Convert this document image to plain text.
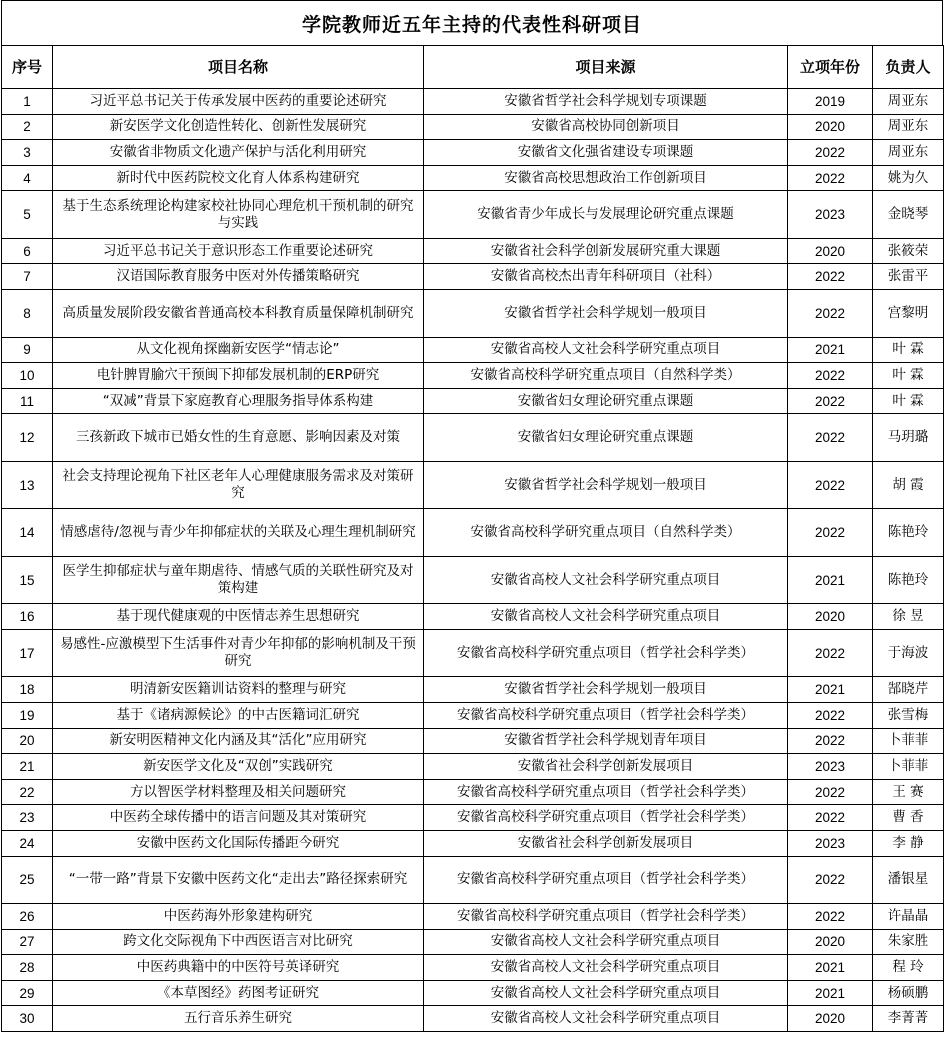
学院教师近五年主持的代表性科研项目
序号	项目名称	项目来源	立项年份	负责人
1	习近平总书记关于传承发展中医药的重要论述研究	安徽省哲学社会科学规划专项课题	2019	周亚东
2	新安医学文化创造性转化、创新性发展研究	安徽省高校协同创新项目	2020	周亚东
3	安徽省非物质文化遗产保护与活化利用研究	安徽省文化强省建设专项课题	2022	周亚东
4	新时代中医药院校文化育人体系构建研究	安徽省高校思想政治工作创新项目	2022	姚为久
5	基于生态系统理论构建家校社协同心理危机干预机制的研究与实践	安徽省青少年成长与发展理论研究重点课题	2023	金晓琴
6	习近平总书记关于意识形态工作重要论述研究	安徽省社会科学创新发展研究重大课题	2020	张筱荣
7	汉语国际教育服务中医对外传播策略研究	安徽省高校杰出青年科研项目（社科）	2022	张雷平
8	高质量发展阶段安徽省普通高校本科教育质量保障机制研究	安徽省哲学社会科学规划一般项目	2022	宫黎明
9	从文化视角探幽新安医学“情志论”	安徽省高校人文社会科学研究重点项目	2021	叶 霖
10	电针脾胃腧穴干预闽下抑郁发展机制的ERP研究	安徽省高校科学研究重点项目（自然科学类）	2022	叶 霖
11	“双减”背景下家庭教育心理服务指导体系构建	安徽省妇女理论研究重点课题	2022	叶 霖
12	三孩新政下城市已婚女性的生育意愿、影响因素及对策	安徽省妇女理论研究重点课题	2022	马玥璐
13	社会支持理论视角下社区老年人心理健康服务需求及对策研究	安徽省哲学社会科学规划一般项目	2022	胡 霞
14	情感虐待/忽视与青少年抑郁症状的关联及心理生理机制研究	安徽省高校科学研究重点项目（自然科学类）	2022	陈艳玲
15	医学生抑郁症状与童年期虐待、情感气质的关联性研究及对策构建	安徽省高校人文社会科学研究重点项目	2021	陈艳玲
16	基于现代健康观的中医情志养生思想研究	安徽省高校人文社会科学研究重点项目	2020	徐 昱
17	易感性-应激模型下生活事件对青少年抑郁的影响机制及干预研究	安徽省高校科学研究重点项目（哲学社会科学类）	2022	于海波
18	明清新安医籍训诂资料的整理与研究	安徽省哲学社会科学规划一般项目	2021	郜晓芹
19	基于《诸病源候论》的中古医籍词汇研究	安徽省高校科学研究重点项目（哲学社会科学类）	2022	张雪梅
20	新安明医精神文化内涵及其“活化”应用研究	安徽省哲学社会科学规划青年项目	2022	卜菲菲
21	新安医学文化及“双创”实践研究	安徽省社会科学创新发展项目	2023	卜菲菲
22	方以智医学材料整理及相关问题研究	安徽省高校科学研究重点项目（哲学社会科学类）	2022	王 赛
23	中医药全球传播中的语言问题及其对策研究	安徽省高校科学研究重点项目（哲学社会科学类）	2022	曹 香
24	安徽中医药文化国际传播距今研究	安徽省社会科学创新发展项目	2023	李 静
25	“一带一路”背景下安徽中医药文化“走出去”路径探索研究	安徽省高校科学研究重点项目（哲学社会科学类）	2022	潘银星
26	中医药海外形象建构研究	安徽省高校科学研究重点项目（哲学社会科学类）	2022	许晶晶
27	跨文化交际视角下中西医语言对比研究	安徽省高校人文社会科学研究重点项目	2020	朱家胜
28	中医药典籍中的中医符号英译研究	安徽省高校人文社会科学研究重点项目	2021	程 玲
29	《本草图经》药图考证研究	安徽省高校人文社会科学研究重点项目	2021	杨硕鹏
30	五行音乐养生研究	安徽省高校人文社会科学研究重点项目	2020	李菁菁
